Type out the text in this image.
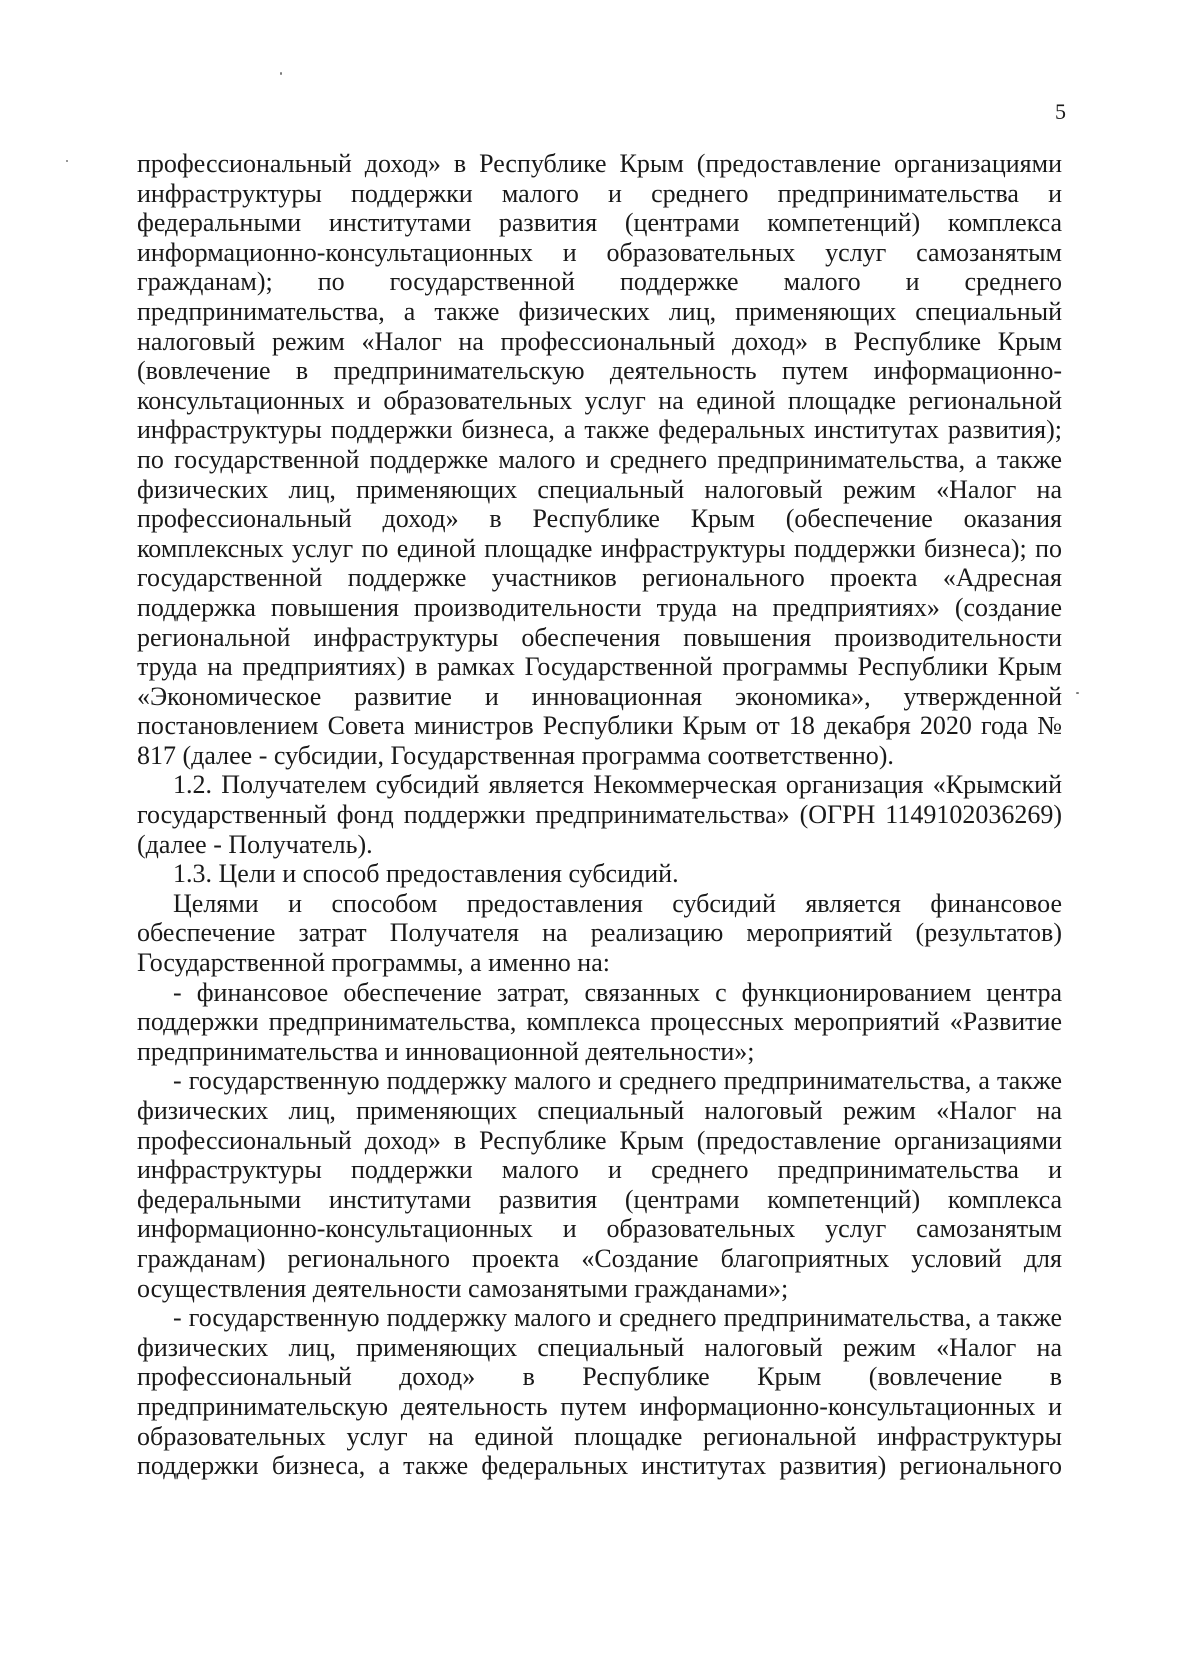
5

профессиональный доход» в Республике Крым (предоставление организациями инфраструктуры поддержки малого и среднего предпринимательства и федеральными институтами развития (центрами компетенций) комплекса информационно-консультационных и образовательных услуг самозанятым гражданам); по государственной поддержке малого и среднего предпринимательства, а также физических лиц, применяющих специальный налоговый режим «Налог на профессиональный доход» в Республике Крым (вовлечение в предпринимательскую деятельность путем информационно-консультационных и образовательных услуг на единой площадке региональной инфраструктуры поддержки бизнеса, а также федеральных институтах развития); по государственной поддержке малого и среднего предпринимательства, а также физических лиц, применяющих специальный налоговый режим «Налог на профессиональный доход» в Республике Крым (обеспечение оказания комплексных услуг по единой площадке инфраструктуры поддержки бизнеса); по государственной поддержке участников регионального проекта «Адресная поддержка повышения производительности труда на предприятиях» (создание региональной инфраструктуры обеспечения повышения производительности труда на предприятиях) в рамках Государственной программы Республики Крым «Экономическое развитие и инновационная экономика», утвержденной постановлением Совета министров Республики Крым от 18 декабря 2020 года № 817 (далее - субсидии, Государственная программа соответственно).

1.2. Получателем субсидий является Некоммерческая организация «Крымский государственный фонд поддержки предпринимательства» (ОГРН 1149102036269) (далее - Получатель).

1.3. Цели и способ предоставления субсидий.

Целями и способом предоставления субсидий является финансовое обеспечение затрат Получателя на реализацию мероприятий (результатов) Государственной программы, а именно на:

- финансовое обеспечение затрат, связанных с функционированием центра поддержки предпринимательства, комплекса процессных мероприятий «Развитие предпринимательства и инновационной деятельности»;

- государственную поддержку малого и среднего предпринимательства, а также физических лиц, применяющих специальный налоговый режим «Налог на профессиональный доход» в Республике Крым (предоставление организациями инфраструктуры поддержки малого и среднего предпринимательства и федеральными институтами развития (центрами компетенций) комплекса информационно-консультационных и образовательных услуг самозанятым гражданам) регионального проекта «Создание благоприятных условий для осуществления деятельности самозанятыми гражданами»;

- государственную поддержку малого и среднего предпринимательства, а также физических лиц, применяющих специальный налоговый режим «Налог на профессиональный доход» в Республике Крым (вовлечение в предпринимательскую деятельность путем информационно-консультационных и образовательных услуг на единой площадке региональной инфраструктуры поддержки бизнеса, а также федеральных институтах развития) регионального
